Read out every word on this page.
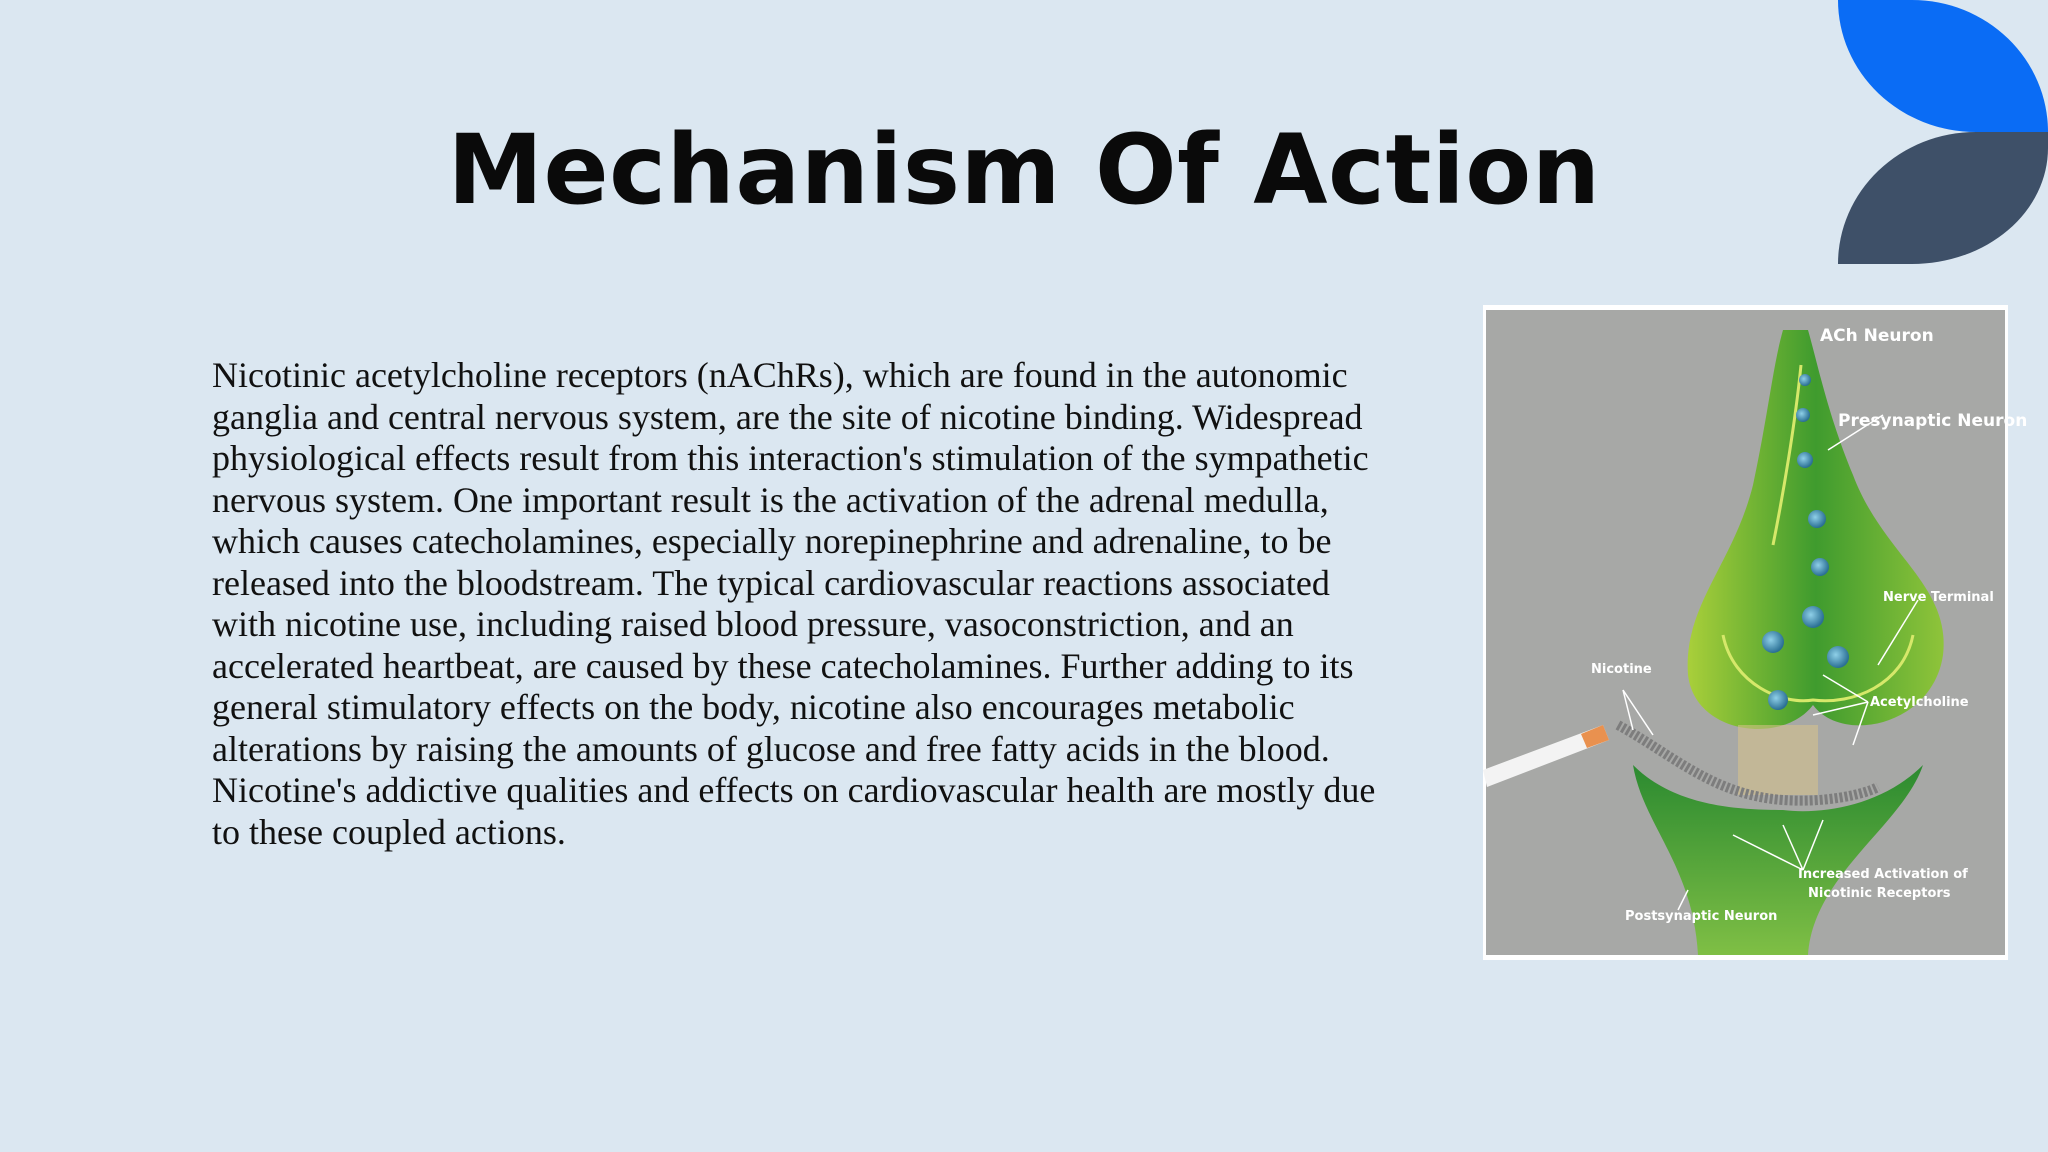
Mechanism Of Action

Nicotinic acetylcholine receptors (nAChRs), which are found in the autonomic
ganglia and central nervous system, are the site of nicotine binding. Widespread
physiological effects result from this interaction's stimulation of the sympathetic
nervous system. One important result is the activation of the adrenal medulla,
which causes catecholamines, especially norepinephrine and adrenaline, to be
released into the bloodstream. The typical cardiovascular reactions associated
with nicotine use, including raised blood pressure, vasoconstriction, and an
accelerated heartbeat, are caused by these catecholamines. Further adding to its
general stimulatory effects on the body, nicotine also encourages metabolic
alterations by raising the amounts of glucose and free fatty acids in the blood.
Nicotine's addictive qualities and effects on cardiovascular health are mostly due
to these coupled actions.

ACh Neuron
Presynaptic Neuron
Nerve Terminal
Nicotine
Acetylcholine
Increased Activation of
Nicotinic Receptors
Postsynaptic Neuron
